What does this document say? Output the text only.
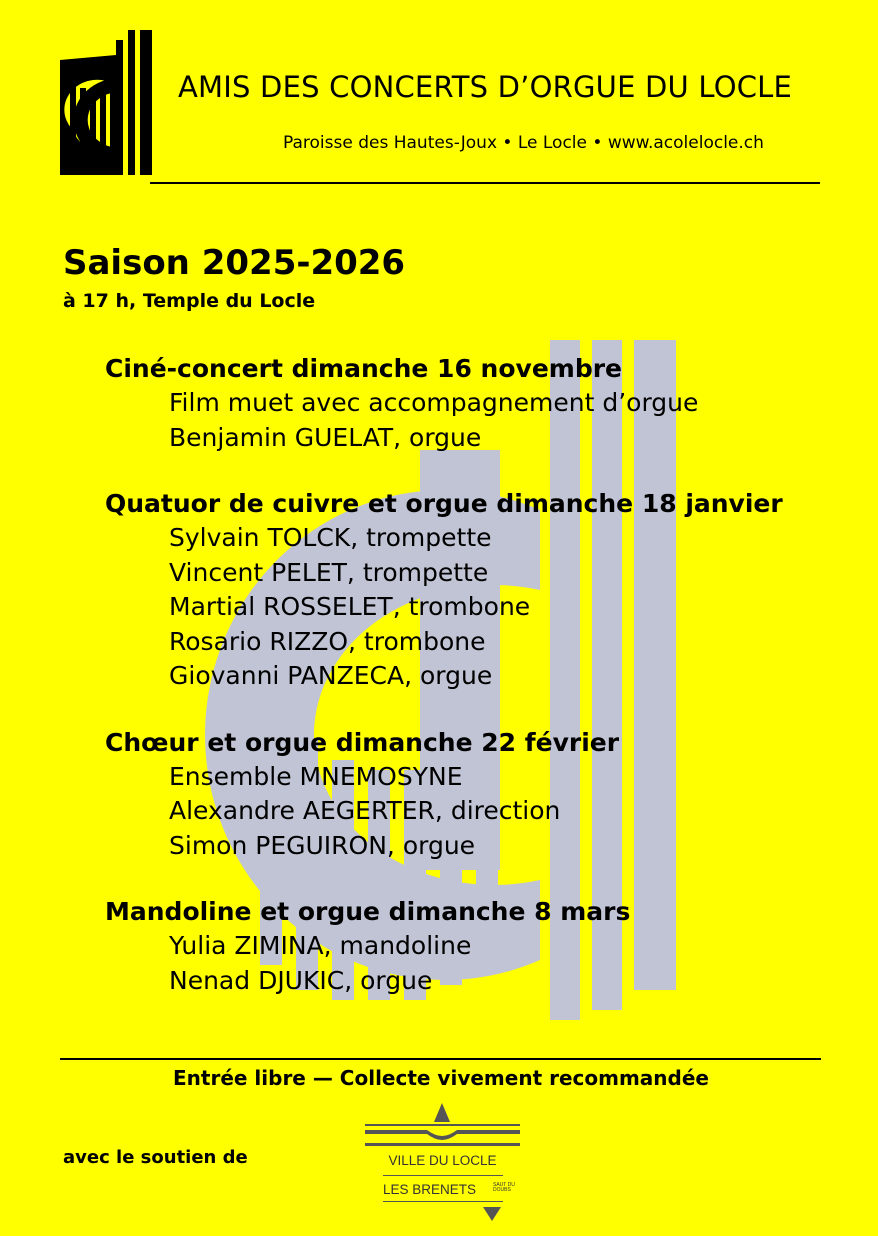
AMIS DES CONCERTS D’ORGUE DU LOCLE
Paroisse des Hautes-Joux • Le Locle • www.acolelocle.ch
Saison 2025-2026
à 17 h, Temple du Locle
Ciné-concert dimanche 16 novembre
Film muet avec accompagnement d’orgue
Benjamin GUELAT, orgue
Quatuor de cuivre et orgue dimanche 18 janvier
Sylvain TOLCK, trompette
Vincent PELET, trompette
Martial ROSSELET, trombone
Rosario RIZZO, trombone
Giovanni PANZECA, orgue
Chœur et orgue dimanche 22 février
Ensemble MNEMOSYNE
Alexandre AEGERTER, direction
Simon PEGUIRON, orgue
Mandoline et orgue dimanche 8 mars
Yulia ZIMINA, mandoline
Nenad DJUKIC, orgue
Entrée libre — Collecte vivement recommandée
avec le soutien de	VILLE DU LOCLE
LES BRENETS	SAUT DU
DOUBS
